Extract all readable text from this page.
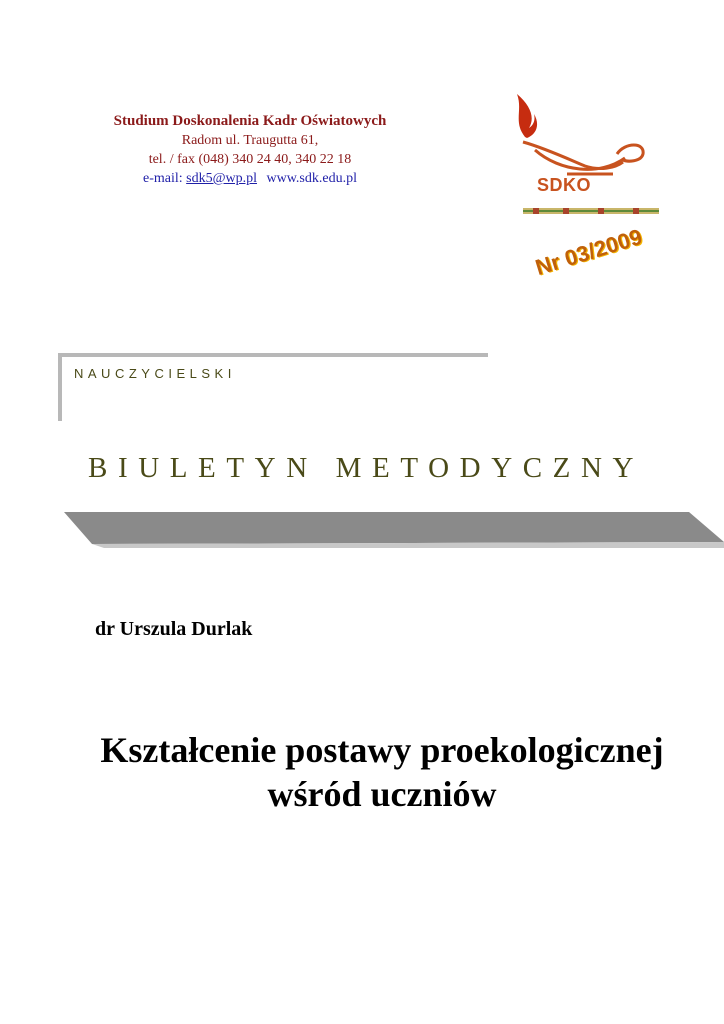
Studium Doskonalenia Kadr Oświatowych
Radom ul. Traugutta 61,
tel. / fax (048) 340 24 40, 340 22 18
e-mail: sdk5@wp.pl www.sdk.edu.pl	SDKO
Nr 03/2009
NAUCZYCIELSKI
BIULETYN METODYCZNY
dr Urszula Durlak
Kształcenie postawy proekologicznej
wśród uczniów
